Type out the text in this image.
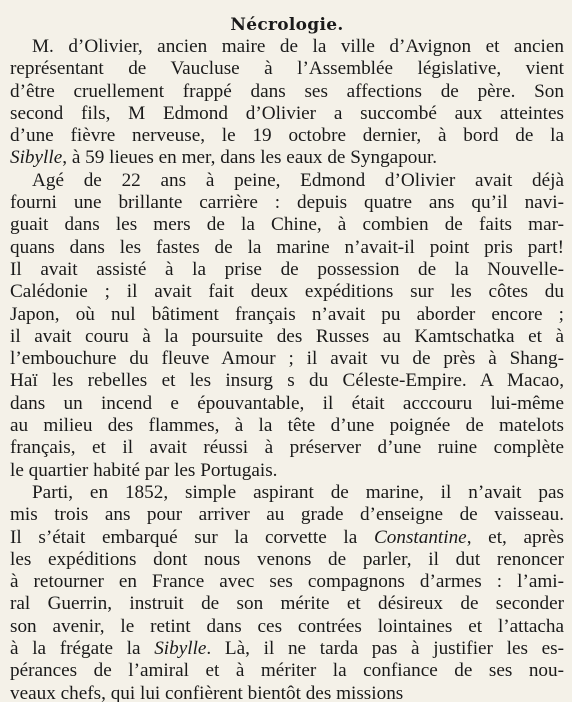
Nécrologie.
M. d’Olivier, ancien maire de la ville d’Avignon et ancien
représentant de Vaucluse à l’Assemblée législative, vient
d’être cruellement frappé dans ses affections de père. Son
second fils, M Edmond d’Olivier a succombé aux atteintes
d’une fièvre nerveuse, le 19 octobre dernier, à bord de la
Sibylle, à 59 lieues en mer, dans les eaux de Syngapour.
Agé de 22 ans à peine, Edmond d’Olivier avait déjà
fourni une brillante carrière : depuis quatre ans qu’il navi-
guait dans les mers de la Chine, à combien de faits mar-
quans dans les fastes de la marine n’avait-il point pris part!
Il avait assisté à la prise de possession de la Nouvelle-
Calédonie ; il avait fait deux expéditions sur les côtes du
Japon, où nul bâtiment français n’avait pu aborder encore ;
il avait couru à la poursuite des Russes au Kamtschatka et à
l’embouchure du fleuve Amour ; il avait vu de près à Shang-
Haï les rebelles et les insurg s du Céleste-Empire. A Macao,
dans un incend e épouvantable, il était acccouru lui-même
au milieu des flammes, à la tête d’une poignée de matelots
français, et il avait réussi à préserver d’une ruine complète
le quartier habité par les Portugais.
Parti, en 1852, simple aspirant de marine, il n’avait pas
mis trois ans pour arriver au grade d’enseigne de vaisseau.
Il s’était embarqué sur la corvette la Constantine, et, après
les expéditions dont nous venons de parler, il dut renoncer
à retourner en France avec ses compagnons d’armes : l’ami-
ral Guerrin, instruit de son mérite et désireux de seconder
son avenir, le retint dans ces contrées lointaines et l’attacha
à la frégate la Sibylle. Là, il ne tarda pas à justifier les es-
pérances de l’amiral et à mériter la confiance de ses nou-
veaux chefs, qui lui confièrent bientôt des missions
